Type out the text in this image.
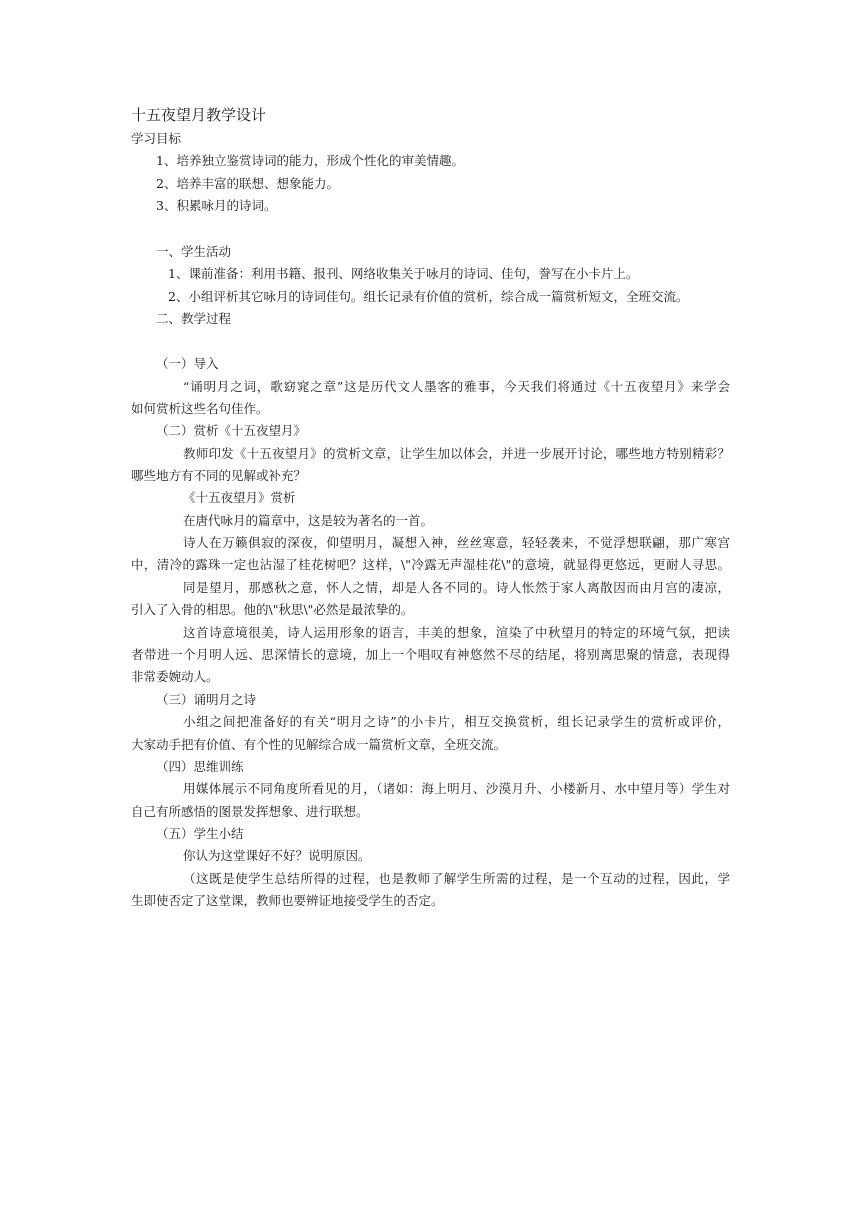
十五夜望月教学设计
学习目标
1、培养独立鉴赏诗词的能力，形成个性化的审美情趣。
2、培养丰富的联想、想象能力。
3、积累咏月的诗词。
一、学生活动
1、课前准备：利用书籍、报刊、网络收集关于咏月的诗词、佳句，誊写在小卡片上。
2、小组评析其它咏月的诗词佳句。组长记录有价值的赏析，综合成一篇赏析短文，全班交流。
二、教学过程
（一）导入
“诵明月之词，歌窈窕之章”这是历代文人墨客的雅事，今天我们将通过《十五夜望月》来学会
如何赏析这些名句佳作。
（二）赏析《十五夜望月》
教师印发《十五夜望月》的赏析文章，让学生加以体会，并进一步展开讨论，哪些地方特别精彩？
哪些地方有不同的见解或补充？
《十五夜望月》赏析
在唐代咏月的篇章中，这是较为著名的一首。
诗人在万籁俱寂的深夜，仰望明月，凝想入神，丝丝寒意，轻轻袭来，不觉浮想联翩，那广寒宫
中，清冷的露珠一定也沾湿了桂花树吧？这样，\"冷露无声湿桂花\"的意境，就显得更悠远，更耐人寻思。
同是望月，那感秋之意，怀人之情，却是人各不同的。诗人怅然于家人离散因而由月宫的凄凉，
引入了入骨的相思。他的\"秋思\"必然是最浓挚的。
这首诗意境很美，诗人运用形象的语言，丰美的想象，渲染了中秋望月的特定的环境气氛，把读
者带进一个月明人远、思深情长的意境，加上一个唱叹有神悠然不尽的结尾，将别离思聚的情意，表现得
非常委婉动人。
（三）诵明月之诗
小组之间把准备好的有关“明月之诗”的小卡片，相互交换赏析，组长记录学生的赏析或评价，
大家动手把有价值、有个性的见解综合成一篇赏析文章，全班交流。
（四）思维训练
用媒体展示不同角度所看见的月，（诸如：海上明月、沙漠月升、小楼新月、水中望月等）学生对
自己有所感悟的图景发挥想象、进行联想。
（五）学生小结
你认为这堂课好不好？说明原因。
（这既是使学生总结所得的过程，也是教师了解学生所需的过程，是一个互动的过程，因此，学
生即使否定了这堂课，教师也要辨证地接受学生的否定。
